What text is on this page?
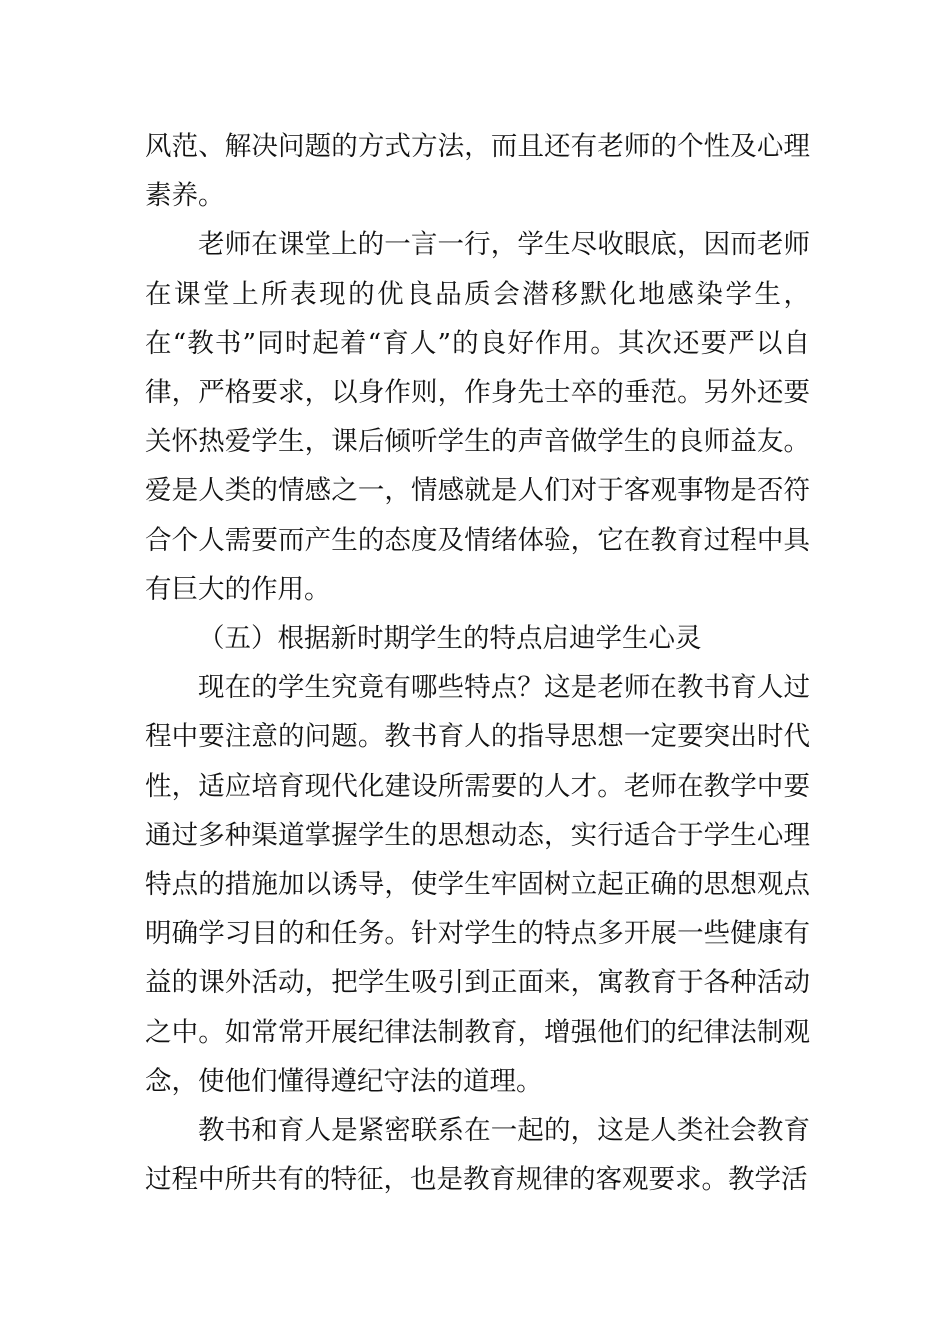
风范、解决问题的方式方法，而且还有老师的个性及心理素养。

老师在课堂上的一言一行，学生尽收眼底，因而老师在课堂上所表现的优良品质会潜移默化地感染学生，在“教书”同时起着“育人”的良好作用。其次还要严以自律，严格要求，以身作则，作身先士卒的垂范。另外还要关怀热爱学生，课后倾听学生的声音做学生的良师益友。爱是人类的情感之一，情感就是人们对于客观事物是否符合个人需要而产生的态度及情绪体验，它在教育过程中具有巨大的作用。

（五）根据新时期学生的特点启迪学生心灵

现在的学生究竟有哪些特点？这是老师在教书育人过程中要注意的问题。教书育人的指导思想一定要突出时代性，适应培育现代化建设所需要的人才。老师在教学中要通过多种渠道掌握学生的思想动态，实行适合于学生心理特点的措施加以诱导，使学生牢固树立起正确的思想观点明确学习目的和任务。针对学生的特点多开展一些健康有益的课外活动，把学生吸引到正面来，寓教育于各种活动之中。如常常开展纪律法制教育，增强他们的纪律法制观念，使他们懂得遵纪守法的道理。

教书和育人是紧密联系在一起的，这是人类社会教育过程中所共有的特征，也是教育规律的客观要求。教学活
